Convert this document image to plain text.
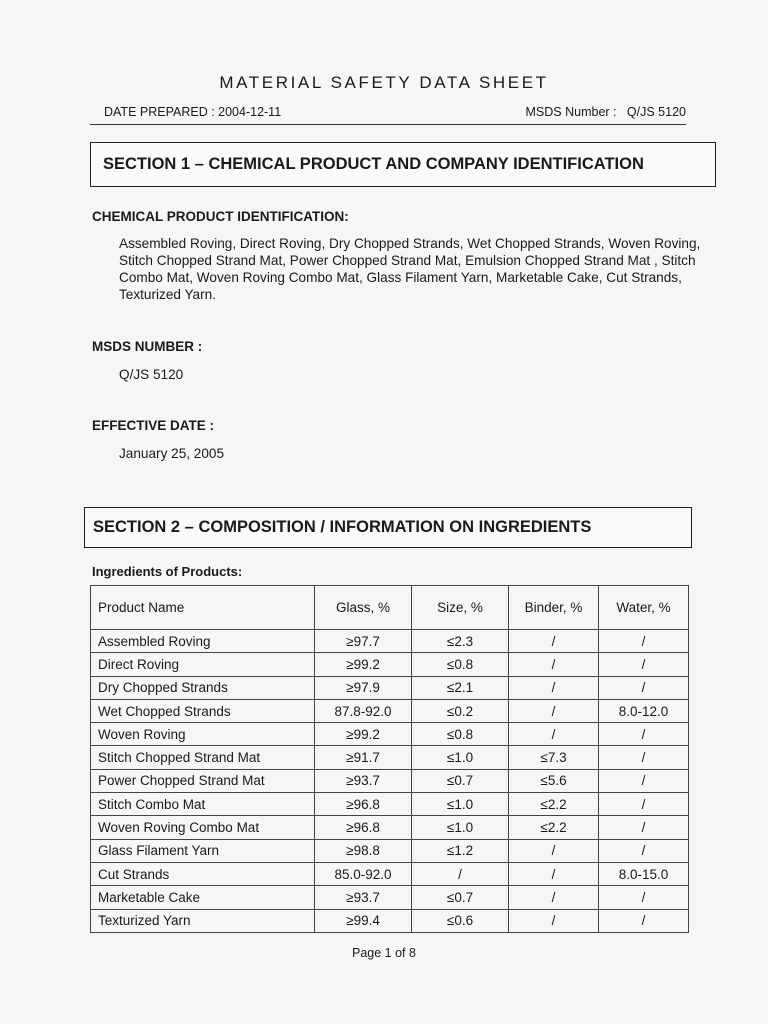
MATERIAL SAFETY DATA SHEET
DATE PREPARED : 2004-12-11	MSDS Number :   Q/JS 5120
SECTION 1 – CHEMICAL PRODUCT AND COMPANY IDENTIFICATION
CHEMICAL PRODUCT IDENTIFICATION:
Assembled Roving, Direct Roving, Dry Chopped Strands, Wet Chopped Strands, Woven Roving, Stitch Chopped Strand Mat, Power Chopped Strand Mat, Emulsion Chopped Strand Mat , Stitch Combo Mat, Woven Roving Combo Mat, Glass Filament Yarn, Marketable Cake, Cut Strands, Texturized Yarn.
MSDS NUMBER :
Q/JS 5120
EFFECTIVE DATE :
January 25, 2005
SECTION 2 – COMPOSITION / INFORMATION ON INGREDIENTS
Ingredients of Products:
Product Name	Glass, %	Size, %	Binder, %	Water, %
Assembled Roving	≥97.7	≤2.3	/	/
Direct Roving	≥99.2	≤0.8	/	/
Dry Chopped Strands	≥97.9	≤2.1	/	/
Wet Chopped Strands	87.8-92.0	≤0.2	/	8.0-12.0
Woven Roving	≥99.2	≤0.8	/	/
Stitch Chopped Strand Mat	≥91.7	≤1.0	≤7.3	/
Power Chopped Strand Mat	≥93.7	≤0.7	≤5.6	/
Stitch Combo Mat	≥96.8	≤1.0	≤2.2	/
Woven Roving Combo Mat	≥96.8	≤1.0	≤2.2	/
Glass Filament Yarn	≥98.8	≤1.2	/	/
Cut Strands	85.0-92.0	/	/	8.0-15.0
Marketable Cake	≥93.7	≤0.7	/	/
Texturized Yarn	≥99.4	≤0.6	/	/
Page 1 of 8
